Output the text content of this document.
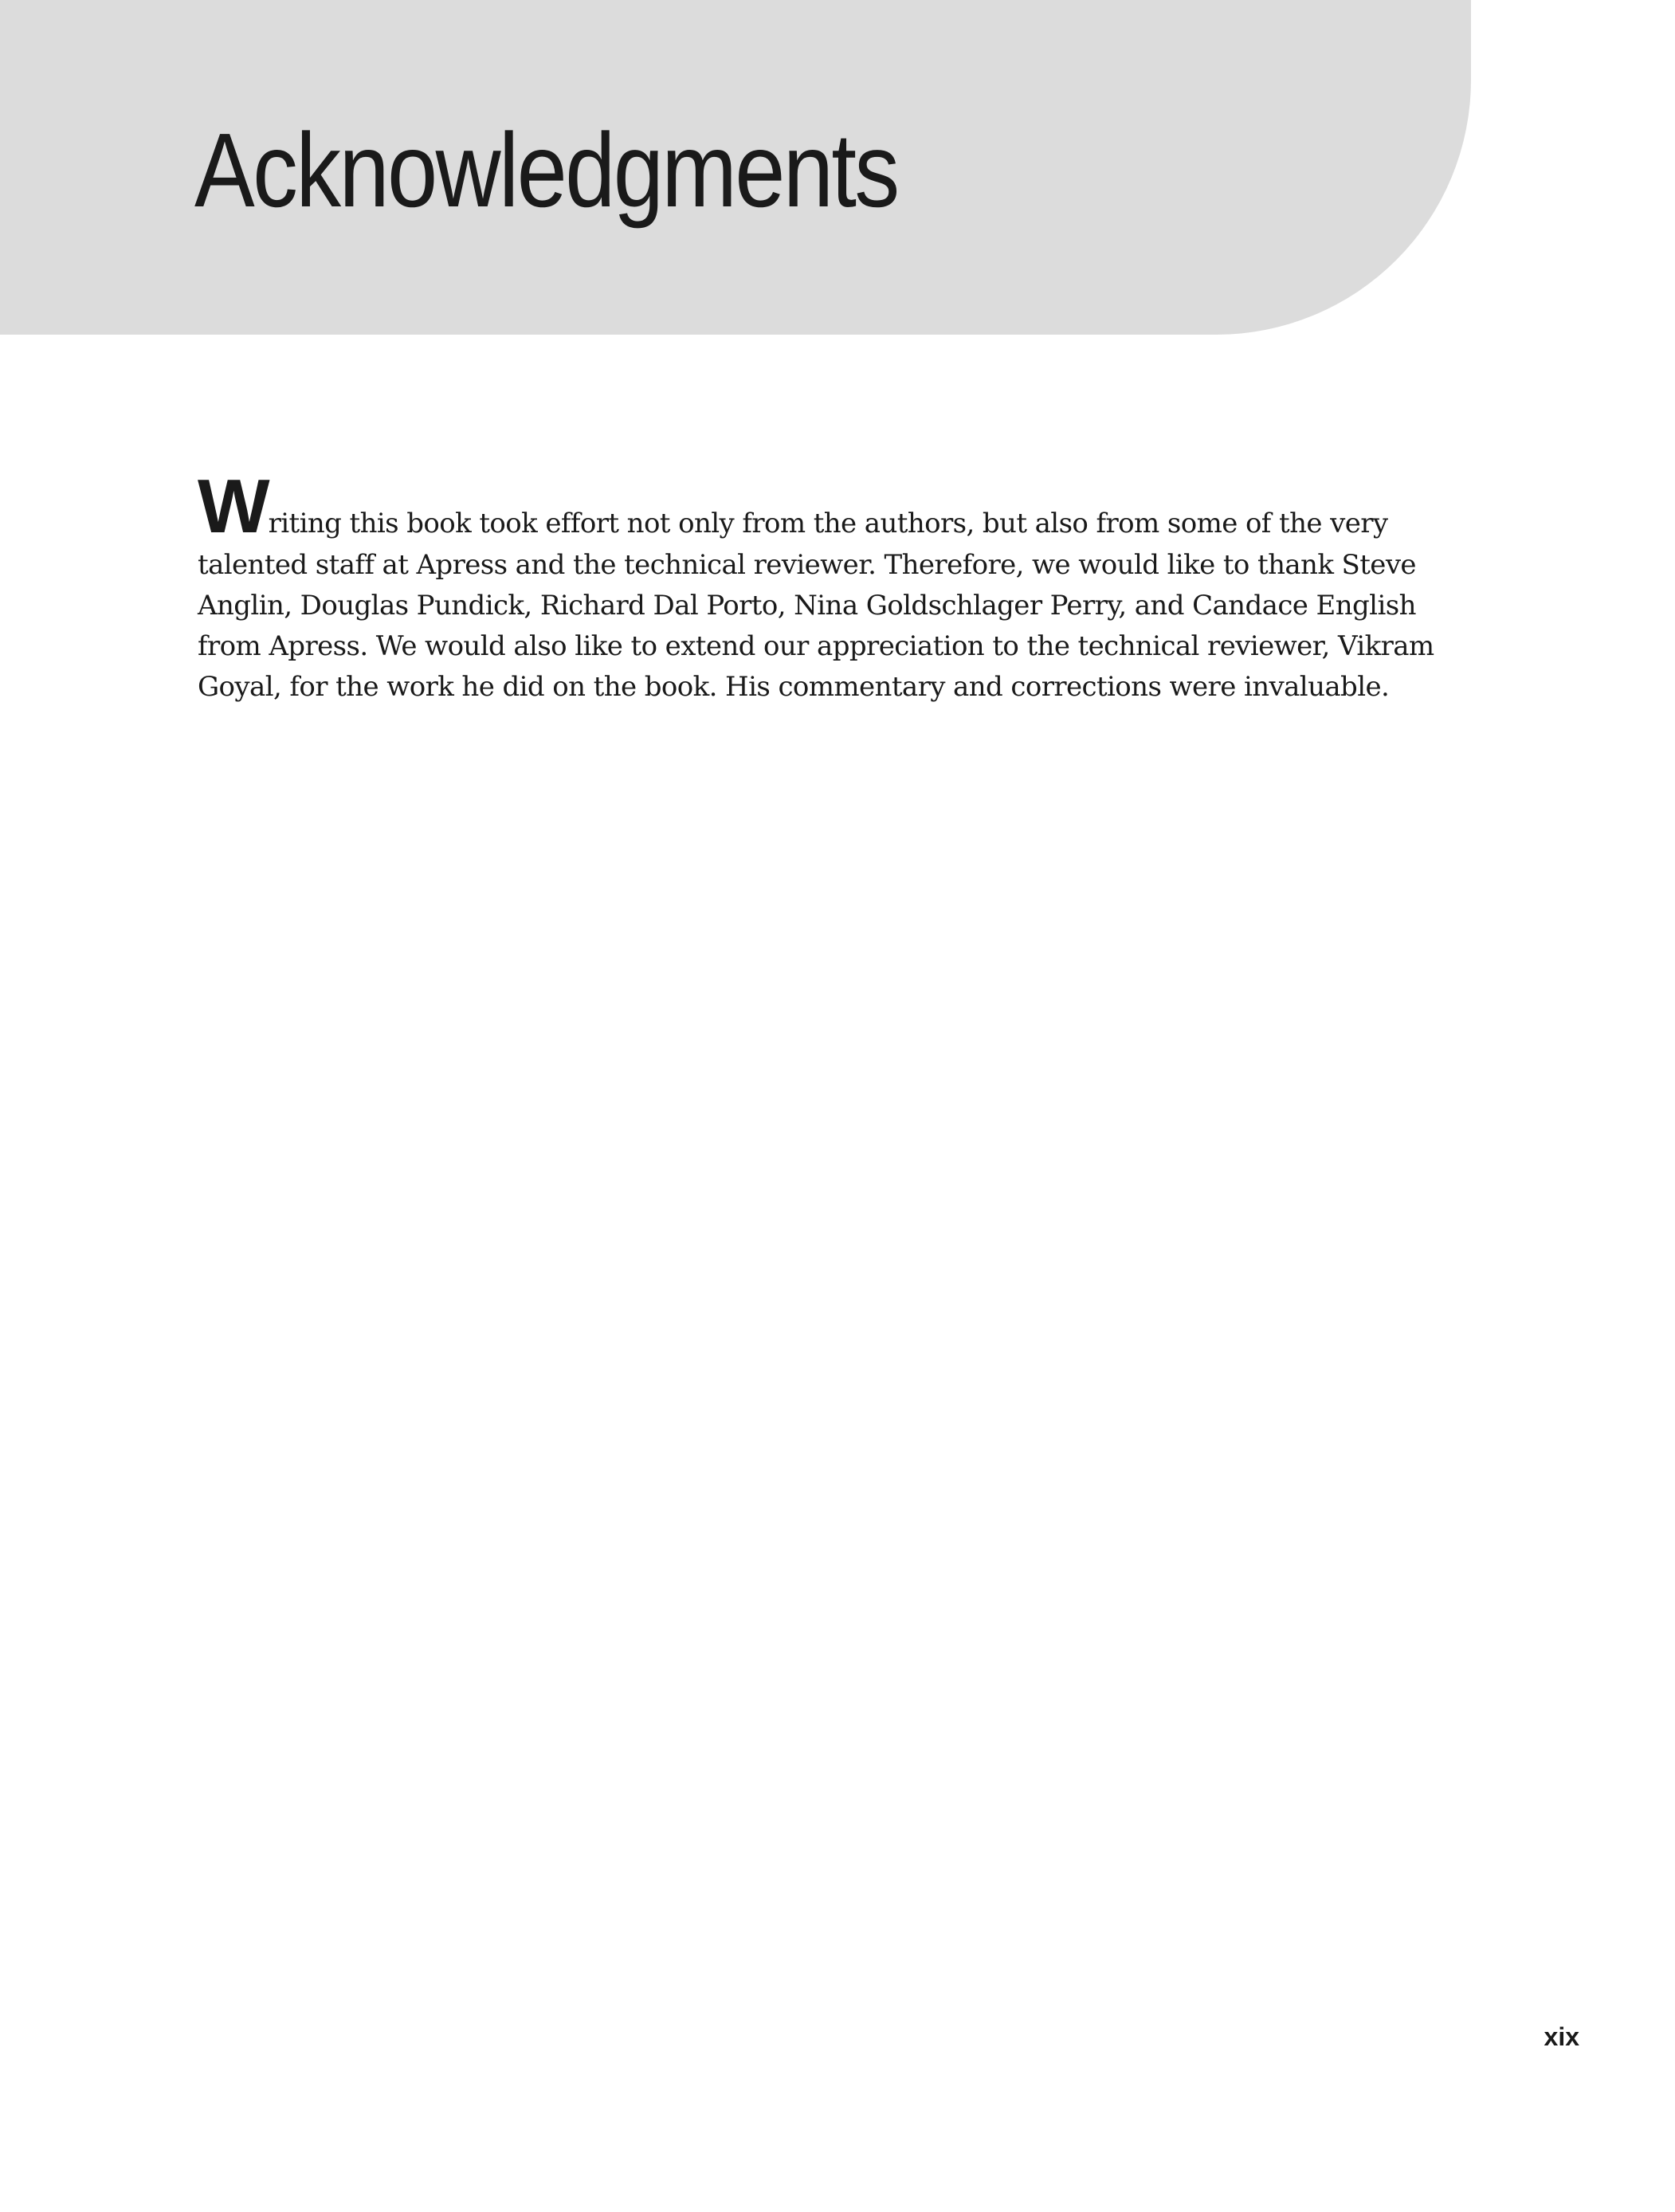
Acknowledgments

Writing this book took effort not only from the authors, but also from some of the very talented staff at Apress and the technical reviewer. Therefore, we would like to thank Steve Anglin, Douglas Pundick, Richard Dal Porto, Nina Goldschlager Perry, and Candace English from Apress. We would also like to extend our appreciation to the technical reviewer, Vikram Goyal, for the work he did on the book. His commentary and corrections were invaluable.

xix
